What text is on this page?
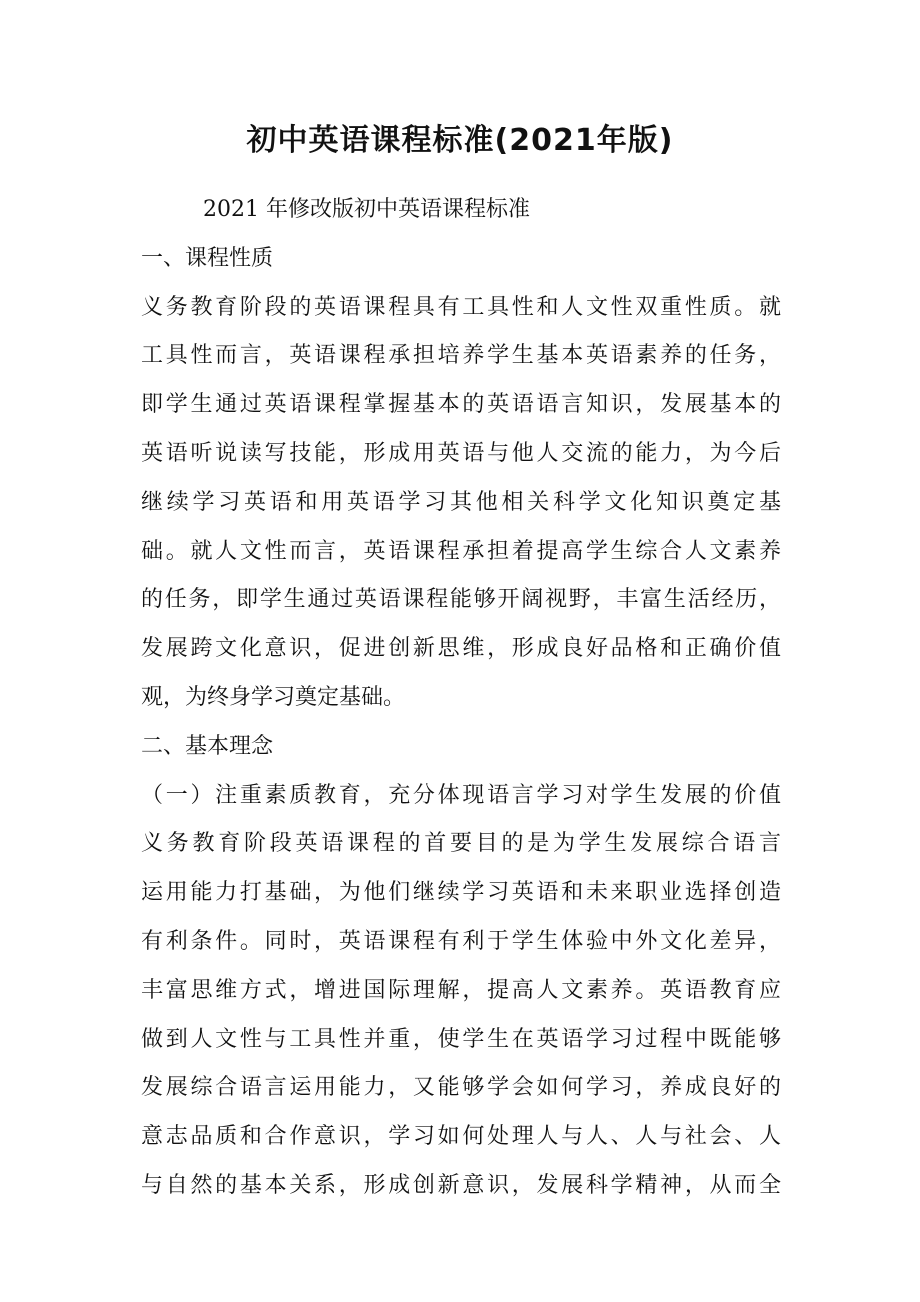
初中英语课程标准(2021年版)
2021 年修改版初中英语课程标准
一、课程性质
义务教育阶段的英语课程具有工具性和人文性双重性质。就
工具性而言，英语课程承担培养学生基本英语素养的任务，
即学生通过英语课程掌握基本的英语语言知识，发展基本的
英语听说读写技能，形成用英语与他人交流的能力，为今后
继续学习英语和用英语学习其他相关科学文化知识奠定基
础。就人文性而言，英语课程承担着提高学生综合人文素养
的任务，即学生通过英语课程能够开阔视野，丰富生活经历，
发展跨文化意识，促进创新思维，形成良好品格和正确价值
观，为终身学习奠定基础。
二、基本理念
（一）注重素质教育，充分体现语言学习对学生发展的价值
义务教育阶段英语课程的首要目的是为学生发展综合语言
运用能力打基础，为他们继续学习英语和未来职业选择创造
有利条件。同时，英语课程有利于学生体验中外文化差异，
丰富思维方式，增进国际理解，提高人文素养。英语教育应
做到人文性与工具性并重，使学生在英语学习过程中既能够
发展综合语言运用能力，又能够学会如何学习，养成良好的
意志品质和合作意识，学习如何处理人与人、人与社会、人
与自然的基本关系，形成创新意识，发展科学精神，从而全
